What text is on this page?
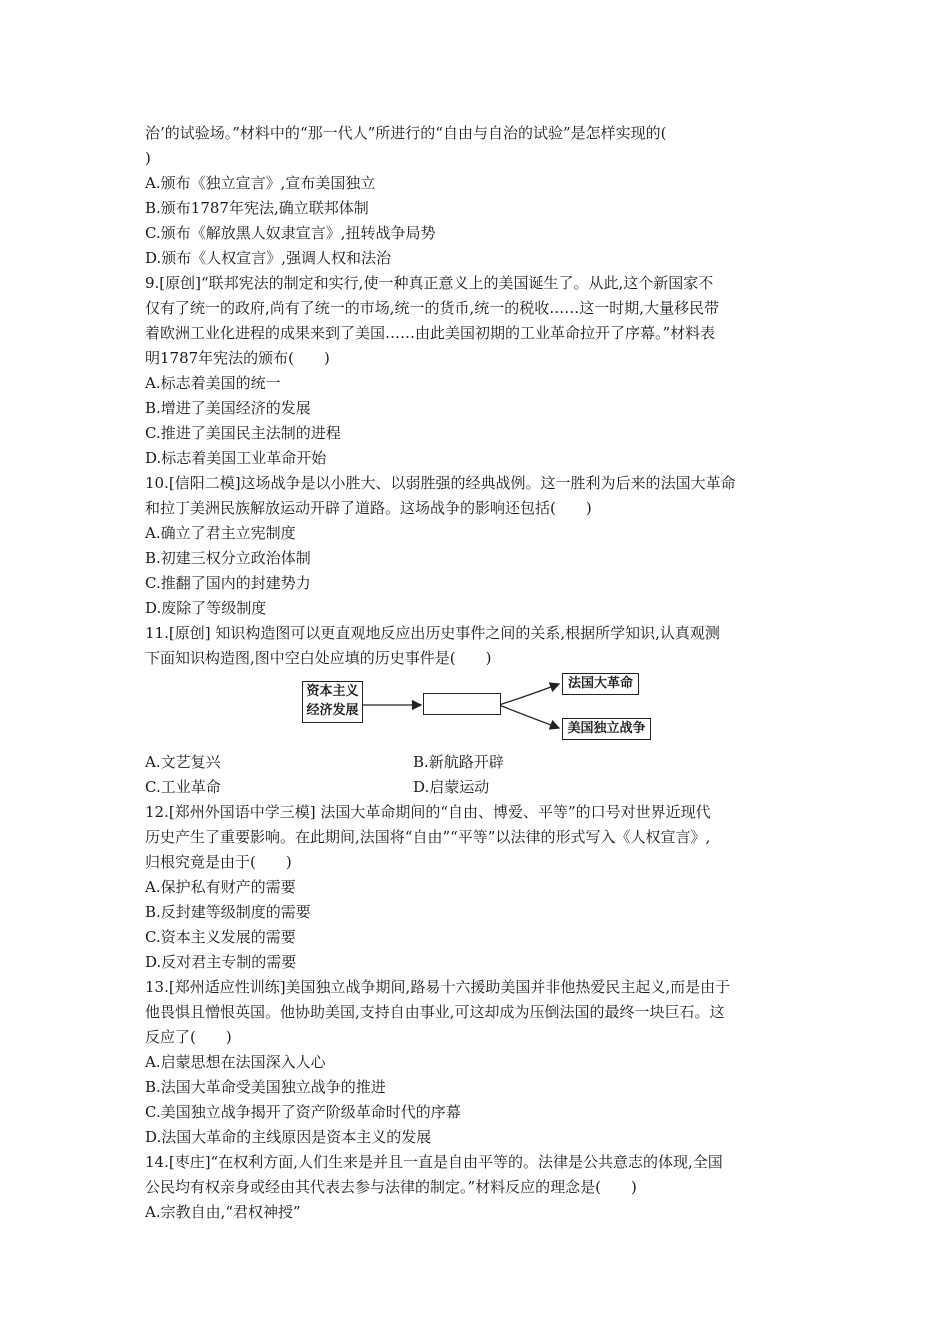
治’的试验场。”材料中的“那一代人”所进行的“自由与自治的试验”是怎样实现的(
)
A.颁布《独立宣言》,宣布美国独立
B.颁布1787年宪法,确立联邦体制
C.颁布《解放黑人奴隶宣言》,扭转战争局势
D.颁布《人权宣言》,强调人权和法治
9.[原创]“联邦宪法的制定和实行,使一种真正意义上的美国诞生了。从此,这个新国家不
仅有了统一的政府,尚有了统一的市场,统一的货币,统一的税收……这一时期,大量移民带
着欧洲工业化进程的成果来到了美国……由此美国初期的工业革命拉开了序幕。”材料表
明1787年宪法的颁布(　　)
A.标志着美国的统一
B.增进了美国经济的发展
C.推进了美国民主法制的进程
D.标志着美国工业革命开始
10.[信阳二模]这场战争是以小胜大、以弱胜强的经典战例。这一胜利为后来的法国大革命
和拉丁美洲民族解放运动开辟了道路。这场战争的影响还包括(　　)
A.确立了君主立宪制度
B.初建三权分立政治体制
C.推翻了国内的封建势力
D.废除了等级制度
11.[原创] 知识构造图可以更直观地反应出历史事件之间的关系,根据所学知识,认真观测
下面知识构造图,图中空白处应填的历史事件是(　　)
资本主义
经济发展
法国大革命
美国独立战争
A.文艺复兴	B.新航路开辟
C.工业革命	D.启蒙运动
12.[郑州外国语中学三模] 法国大革命期间的“自由、博爱、平等”的口号对世界近现代
历史产生了重要影响。在此期间,法国将“自由”“平等”以法律的形式写入《人权宣言》,
归根究竟是由于(　　)
A.保护私有财产的需要
B.反封建等级制度的需要
C.资本主义发展的需要
D.反对君主专制的需要
13.[郑州适应性训练]美国独立战争期间,路易十六援助美国并非他热爱民主起义,而是由于
他畏惧且憎恨英国。他协助美国,支持自由事业,可这却成为压倒法国的最终一块巨石。这
反应了(　　)
A.启蒙思想在法国深入人心
B.法国大革命受美国独立战争的推进
C.美国独立战争揭开了资产阶级革命时代的序幕
D.法国大革命的主线原因是资本主义的发展
14.[枣庄]“在权利方面,人们生来是并且一直是自由平等的。法律是公共意志的体现,全国
公民均有权亲身或经由其代表去参与法律的制定。”材料反应的理念是(　　)
A.宗教自由,“君权神授”
